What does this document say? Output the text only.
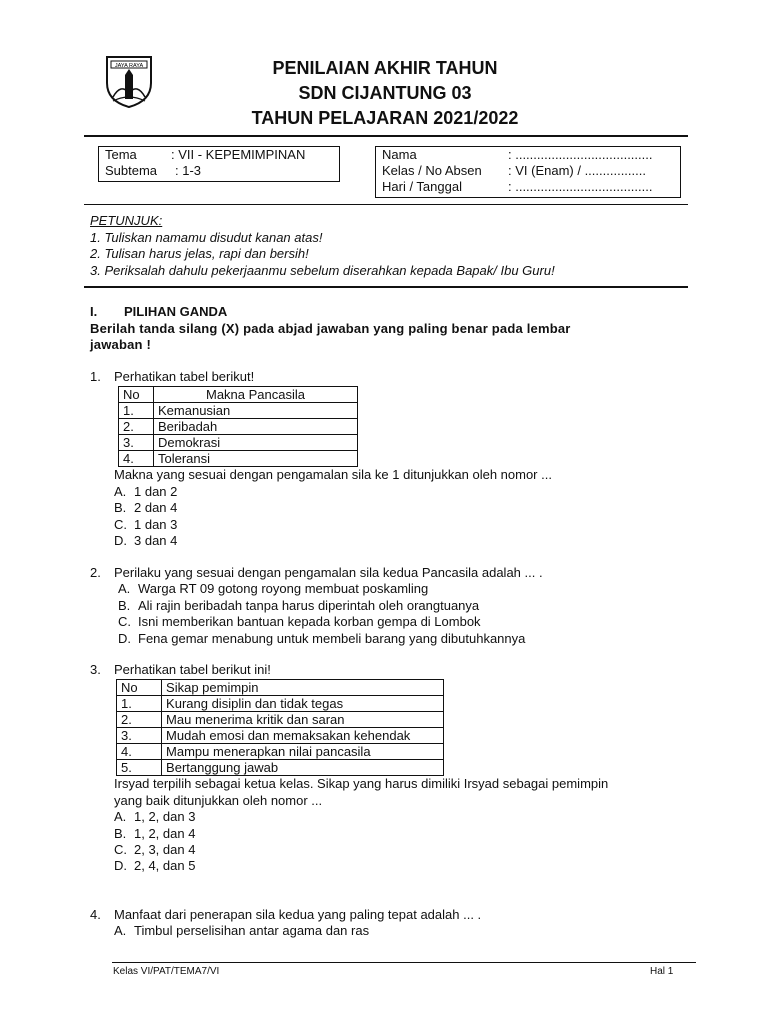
JAYA RAYA	PENILAIAN AKHIR TAHUN
SDN CIJANTUNG 03
TAHUN PELAJARAN 2021/2022
Tema	: VII - KEPEMIMPINAN
Subtema	: 1-3
Nama	: ......................................
Kelas / No Absen	: VI (Enam) / .................
Hari / Tanggal	: ......................................
PETUNJUK:
1. Tuliskan namamu disudut kanan atas!
2. Tulisan harus jelas, rapi dan bersih!
3. Periksalah dahulu pekerjaanmu sebelum diserahkan kepada Bapak/ Ibu Guru!
I. PILIHAN GANDA
Berilah tanda silang (X) pada abjad jawaban yang paling benar pada lembar
jawaban !
1.	Perhatikan tabel berikut!
No	Makna Pancasila
1.	Kemanusian
2.	Beribadah
3.	Demokrasi
4.	Toleransi
Makna yang sesuai dengan pengamalan sila ke 1 ditunjukkan oleh nomor ...
A. 1 dan 2
B. 2 dan 4
C. 1 dan 3
D. 3 dan 4
2.	Perilaku yang sesuai dengan pengamalan sila kedua Pancasila adalah ... .
A. Warga RT 09 gotong royong membuat poskamling
B. Ali rajin beribadah tanpa harus diperintah oleh orangtuanya
C. Isni memberikan bantuan kepada korban gempa di Lombok
D. Fena gemar menabung untuk membeli barang yang dibutuhkannya
3.	Perhatikan tabel berikut ini!
No	Sikap pemimpin
1.	Kurang disiplin dan tidak tegas
2.	Mau menerima kritik dan saran
3.	Mudah emosi dan memaksakan kehendak
4.	Mampu menerapkan nilai pancasila
5.	Bertanggung jawab
Irsyad terpilih sebagai ketua kelas. Sikap yang harus dimiliki Irsyad sebagai pemimpin
yang baik ditunjukkan oleh nomor ...
A. 1, 2, dan 3
B. 1, 2, dan 4
C. 2, 3, dan 4
D. 2, 4, dan 5
4.	Manfaat dari penerapan sila kedua yang paling tepat adalah ... .
A. Timbul perselisihan antar agama dan ras
Kelas VI/PAT/TEMA7/VI	Hal 1
